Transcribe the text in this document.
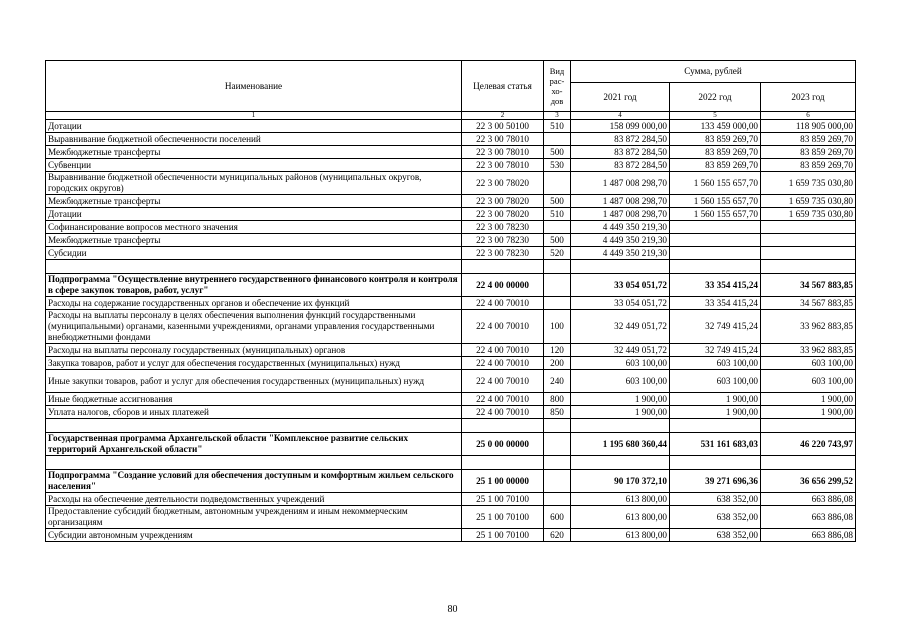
Наименование	Целевая статья	Вид рас-хо-дов	Сумма, рублей		
			2021 год	2022 год	2023 год
1	2	3	4	5	6
Дотации	22 3 00 50100	510	158 099 000,00	133 459 000,00	118 905 000,00
Выравнивание бюджетной обеспеченности поселений	22 3 00 78010		83 872 284,50	83 859 269,70	83 859 269,70
Межбюджетные трансферты	22 3 00 78010	500	83 872 284,50	83 859 269,70	83 859 269,70
Субвенции	22 3 00 78010	530	83 872 284,50	83 859 269,70	83 859 269,70
Выравнивание бюджетной обеспеченности муниципальных районов (муниципальных округов, городских округов)	22 3 00 78020		1 487 008 298,70	1 560 155 657,70	1 659 735 030,80
Межбюджетные трансферты	22 3 00 78020	500	1 487 008 298,70	1 560 155 657,70	1 659 735 030,80
Дотации	22 3 00 78020	510	1 487 008 298,70	1 560 155 657,70	1 659 735 030,80
Софинансирование вопросов местного значения	22 3 00 78230		4 449 350 219,30		
Межбюджетные трансферты	22 3 00 78230	500	4 449 350 219,30		
Субсидии	22 3 00 78230	520	4 449 350 219,30		

Подпрограмма "Осуществление внутреннего государственного финансового контроля и контроля в сфере закупок товаров, работ, услуг"	22 4 00 00000		33 054 051,72	33 354 415,24	34 567 883,85
Расходы на содержание государственных органов и обеспечение их функций	22 4 00 70010		33 054 051,72	33 354 415,24	34 567 883,85
Расходы на выплаты персоналу в целях обеспечения выполнения функций государственными (муниципальными) органами, казенными учреждениями, органами управления государственными внебюджетными фондами	22 4 00 70010	100	32 449 051,72	32 749 415,24	33 962 883,85
Расходы на выплаты персоналу государственных (муниципальных) органов	22 4 00 70010	120	32 449 051,72	32 749 415,24	33 962 883,85
Закупка товаров, работ и услуг для обеспечения государственных (муниципальных) нужд	22 4 00 70010	200	603 100,00	603 100,00	603 100,00
Иные закупки товаров, работ и услуг для обеспечения государственных (муниципальных) нужд	22 4 00 70010	240	603 100,00	603 100,00	603 100,00
Иные бюджетные ассигнования	22 4 00 70010	800	1 900,00	1 900,00	1 900,00
Уплата налогов, сборов и иных платежей	22 4 00 70010	850	1 900,00	1 900,00	1 900,00

Государственная программа Архангельской области "Комплексное развитие сельских территорий Архангельской области"	25 0 00 00000		1 195 680 360,44	531 161 683,03	46 220 743,97

Подпрограмма "Создание условий для обеспечения доступным и комфортным жильем сельского населения"	25 1 00 00000		90 170 372,10	39 271 696,36	36 656 299,52
Расходы на обеспечение деятельности подведомственных учреждений	25 1 00 70100		613 800,00	638 352,00	663 886,08
Предоставление субсидий бюджетным, автономным учреждениям и иным некоммерческим организациям	25 1 00 70100	600	613 800,00	638 352,00	663 886,08
Субсидии автономным учреждениям	25 1 00 70100	620	613 800,00	638 352,00	663 886,08
80
